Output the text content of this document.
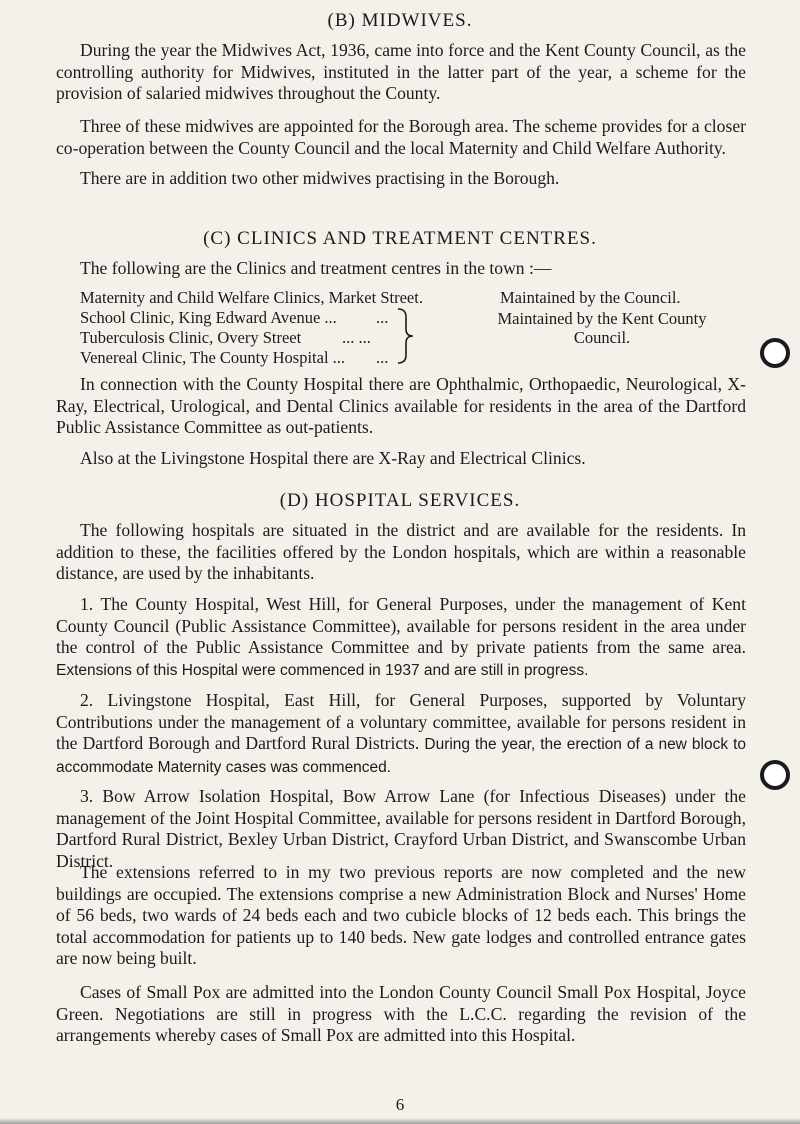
(B) MIDWIVES.

During the year the Midwives Act, 1936, came into force and the Kent County Council, as the controlling authority for Midwives, instituted in the latter part of the year, a scheme for the provision of salaried midwives throughout the County.

Three of these midwives are appointed for the Borough area. The scheme provides for a closer co-operation between the County Council and the local Maternity and Child Welfare Authority.

There are in addition two other midwives practising in the Borough.

(C) CLINICS AND TREATMENT CENTRES.

The following are the Clinics and treatment centres in the town :—

Maternity and Child Welfare Clinics, Market Street.	Maintained by the Council.
School Clinic, King Edward Avenue ... ...
Tuberculosis Clinic, Overy Street ... ...
Venereal Clinic, The County Hospital ... ...
Maintained by the Kent County Council.

In connection with the County Hospital there are Ophthalmic, Orthopaedic, Neurological, X-Ray, Electrical, Urological, and Dental Clinics available for residents in the area of the Dartford Public Assistance Committee as out-patients.

Also at the Livingstone Hospital there are X-Ray and Electrical Clinics.

(D) HOSPITAL SERVICES.

The following hospitals are situated in the district and are available for the residents. In addition to these, the facilities offered by the London hospitals, which are within a reasonable distance, are used by the inhabitants.

1. The County Hospital, West Hill, for General Purposes, under the management of Kent County Council (Public Assistance Committee), available for persons resident in the area under the control of the Public Assistance Committee and by private patients from the same area. Extensions of this Hospital were commenced in 1937 and are still in progress.

2. Livingstone Hospital, East Hill, for General Purposes, supported by Voluntary Contributions under the management of a voluntary committee, available for persons resident in the Dartford Borough and Dartford Rural Districts. During the year, the erection of a new block to accommodate Maternity cases was commenced.

3. Bow Arrow Isolation Hospital, Bow Arrow Lane (for Infectious Diseases) under the management of the Joint Hospital Committee, available for persons resident in Dartford Borough, Dartford Rural District, Bexley Urban District, Crayford Urban District, and Swanscombe Urban District.

The extensions referred to in my two previous reports are now completed and the new buildings are occupied. The extensions comprise a new Administration Block and Nurses' Home of 56 beds, two wards of 24 beds each and two cubicle blocks of 12 beds each. This brings the total accommodation for patients up to 140 beds. New gate lodges and controlled entrance gates are now being built.

Cases of Small Pox are admitted into the London County Council Small Pox Hospital, Joyce Green. Negotiations are still in progress with the L.C.C. regarding the revision of the arrangements whereby cases of Small Pox are admitted into this Hospital.

6
